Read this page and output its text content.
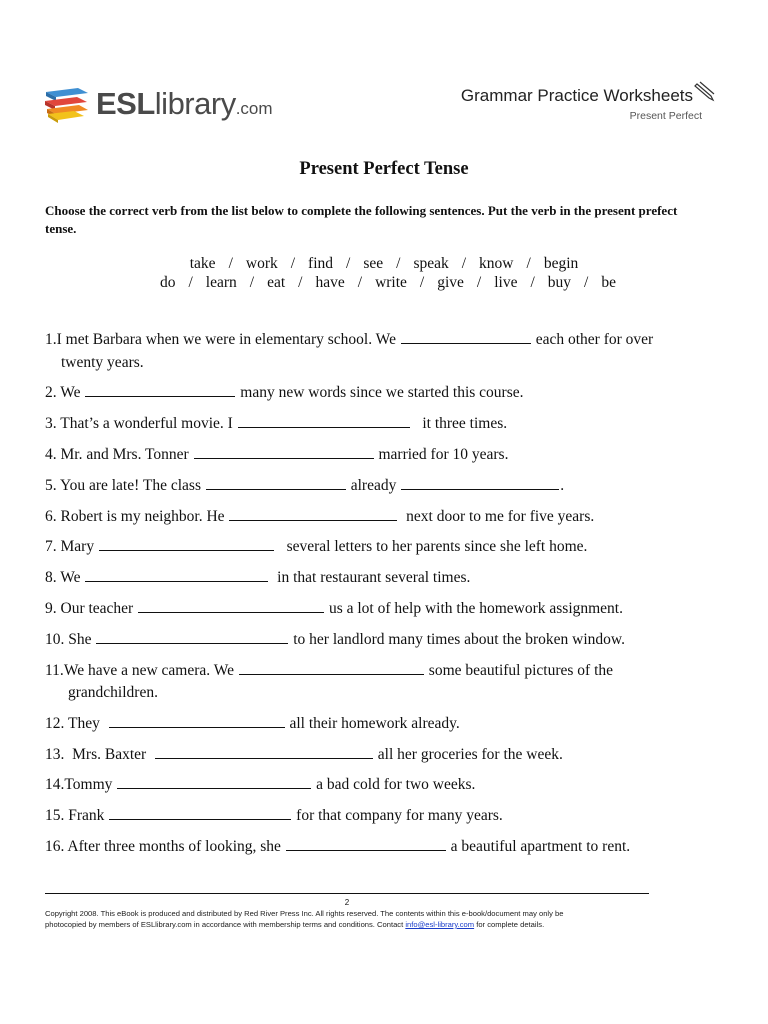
ESLlibrary.com
Grammar Practice Worksheets
Present Perfect
Present Perfect Tense
Choose the correct verb from the list below to complete the following sentences. Put the verb in the present prefect tense.
take / work / find / see / speak / know / begin
do / learn / eat / have / write / give / live / buy / be
1.I met Barbara when we were in elementary school. We	each other for over
twenty years.
2. We	many new words since we started this course.
3. That’s a wonderful movie. I	it three times.
4. Mr. and Mrs. Tonner	married for 10 years.
5. You are late! The class	already	.
6. Robert is my neighbor. He	next door to me for five years.
7. Mary	several letters to her parents since she left home.
8. We	in that restaurant several times.
9. Our teacher	us a lot of help with the homework assignment.
10. She	to her landlord many times about the broken window.
11.We have a new camera. We	some beautiful pictures of the
grandchildren.
12. They	all their homework already.
13. Mrs. Baxter	all her groceries for the week.
14.Tommy	a bad cold for two weeks.
15. Frank	for that company for many years.
16. After three months of looking, she	a beautiful apartment to rent.
2
Copyright 2008. This eBook is produced and distributed by Red River Press Inc. All rights reserved. The contents within this e-book/document may only be
photocopied by members of ESLlibrary.com in accordance with membership terms and conditions. Contact info@esl-library.com for complete details.
